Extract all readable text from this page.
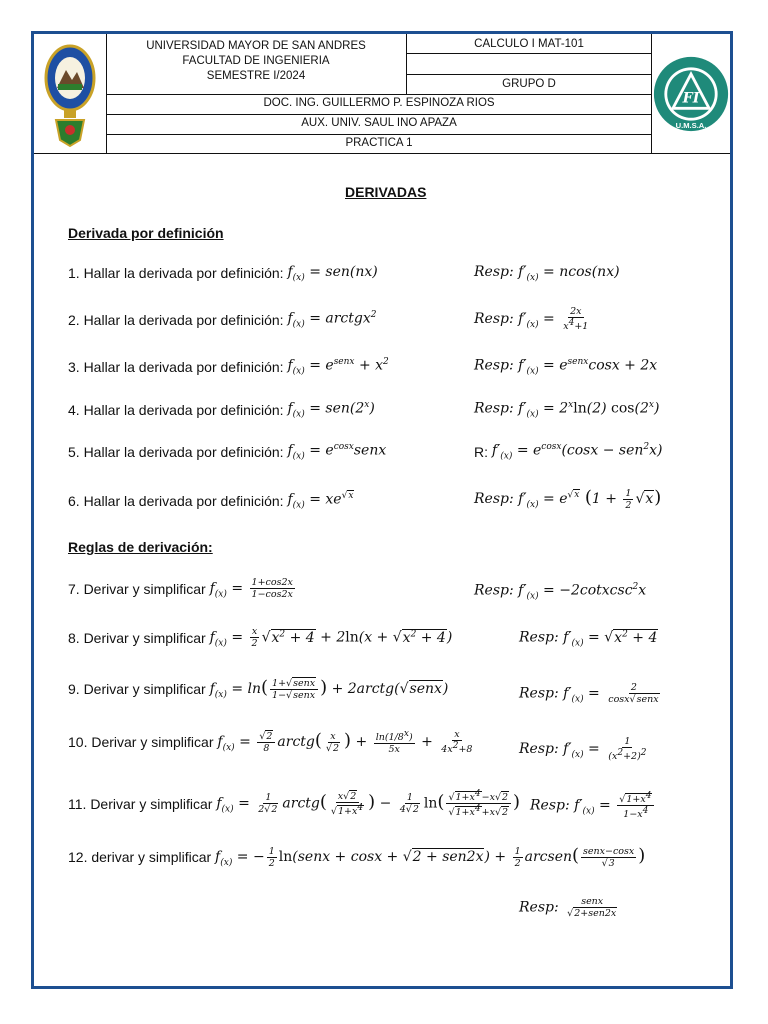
UNIVERSIDAD MAYOR DE SAN ANDRES
FACULTAD DE INGENIERIA
SEMESTRE I/2024
CALCULO I MAT-101
GRUPO D
DOC. ING. GUILLERMO P. ESPINOZA RIOS
AUX. UNIV. SAUL INO APAZA
PRACTICA 1
FI
U.M.S.A.
DERIVADAS
Derivada por definición
1. Hallar la derivada por definición:
$f_{(x)} = sen(nx)$	Resp: $f'_{(x)} = ncos(nx)$
2. Hallar la derivada por definición:
$f_{(x)}$ = arctgx$^2$	Resp: $f'_{(x)} = \frac{2x}{x^4+1}$
3. Hallar la derivada por definición:
$f_{(x)} = e^{senx} + x^2$	Resp: $f'_{(x)} = e^{senx}\cos x + 2x$
4. Hallar la derivada por definición:
$f_{(x)} = sen(2^x)$	Resp: $f'_{(x)} = 2^x\ln(2)$ cos(2$^x$)
5. Hallar la derivada por definición:
$f_{(x)}$ = $e^{cosx}senx$	R:
$f'_{(x)} = e^{cosx}(\cos x - sen^2x)$
6. Hallar la derivada por definición:
$f_{(x)} = xe^{√x}$	Resp: $f'_{(x)} = e^{√x}$ $(1 + \frac{1}{2} √x)$
Reglas de derivación:
7. Derivar y simplificar
$f_{(x)} = \frac{1+\cos 2x}{1-\cos 2x}$	Resp: $f'_{(x)}$ = −2cotxcsc$^2$x
8. Derivar y simplificar
$f_{(x)} = \frac{x}{2} √x^2 + 4 + 2\ln(x + √x^2 + 4)$	Resp: $f'_{(x)} = √x^2 + 4$
9. Derivar y simplificar
$f_{(x)} = \ln( \frac{\text{1+√senx}}{\text{1−√senx}}$ ) + 2arctg(√senx)	Resp: $f'_{(x)} = \frac{2}{\text{cosx√senx}}$
10. Derivar y simplificar
$f_{(x)} = \frac{√2}{8}$ arctg( $\frac{x}{√2}$ ) + $\frac{\ln(1/8^x)}{5x} + \frac{x}{4x^2+8}$	Resp: $f'_{(x)} = \frac{1}{(x^2+2)^2}$
11. Derivar y simplificar
$f_{(x)} = \frac{1}{2√2}$ arctg( $\frac{x√2}{√1+x^4}$ ) − $\frac{1}{4√2} \ln( \frac{√1+x^4-x√2}{√1+x^4+x√2}$ ) Resp: $f'_{(x)} = \frac{√1+x^4}{1-x^4}$
12. derivar y simplificar
$f_{(x)}$ = − $\frac{1}{2}$ ln(senx + $\cos x + √2 + sen2x) + \frac{1}{2}$ arcsen( $\frac{\text{senx−cosx}}{√3}$ )
Resp: $\frac{\text{senx}}{\text{√2+sen2x}}$
